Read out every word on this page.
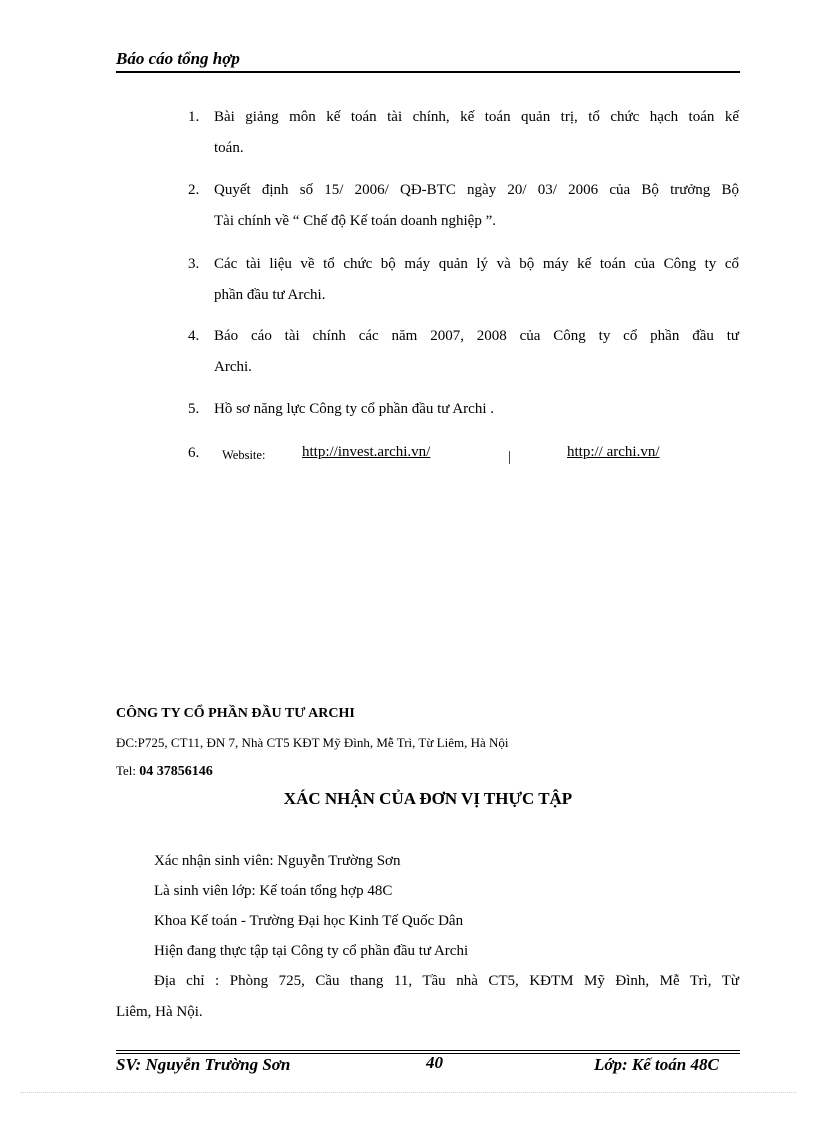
Báo cáo tổng hợp
1. Bài giảng môn kế toán tài chính, kế toán quản trị, tổ chức hạch toán kế
toán.
2. Quyết định số 15/ 2006/ QĐ-BTC ngày 20/ 03/ 2006 của Bộ trưởng Bộ
Tài chính về “ Chế độ Kế toán doanh nghiệp ”.
3. Các tài liệu về tổ chức bộ máy quản lý và bộ máy kế toán của Công ty cổ
phần đầu tư Archi.
4. Báo cáo tài chính các năm 2007, 2008 của Công ty cổ phần đầu tư
Archi.
5. Hồ sơ năng lực Công ty cổ phần đầu tư Archi .
6. Website: http://invest.archi.vn/	|	http:// archi.vn/
CÔNG TY CỔ PHẦN ĐẦU TƯ ARCHI
ĐC:P725, CT11, ĐN 7, Nhà CT5 KĐT Mỹ Đình, Mễ Trì, Từ Liêm, Hà Nội
Tel: 04 37856146
XÁC NHẬN CỦA ĐƠN VỊ THỰC TẬP
Xác nhận sinh viên: Nguyễn Trường Sơn
Là sinh viên lớp: Kế toán tổng hợp 48C
Khoa Kế toán - Trường Đại học Kinh Tế Quốc Dân
Hiện đang thực tập tại Công ty cổ phần đầu tư Archi
Địa chỉ : Phòng 725, Cầu thang 11, Tầu nhà CT5, KĐTM Mỹ Đình, Mễ Trì, Từ
Liêm, Hà Nội.
SV: Nguyễn Trường Sơn	40	Lớp: Kế toán 48C
